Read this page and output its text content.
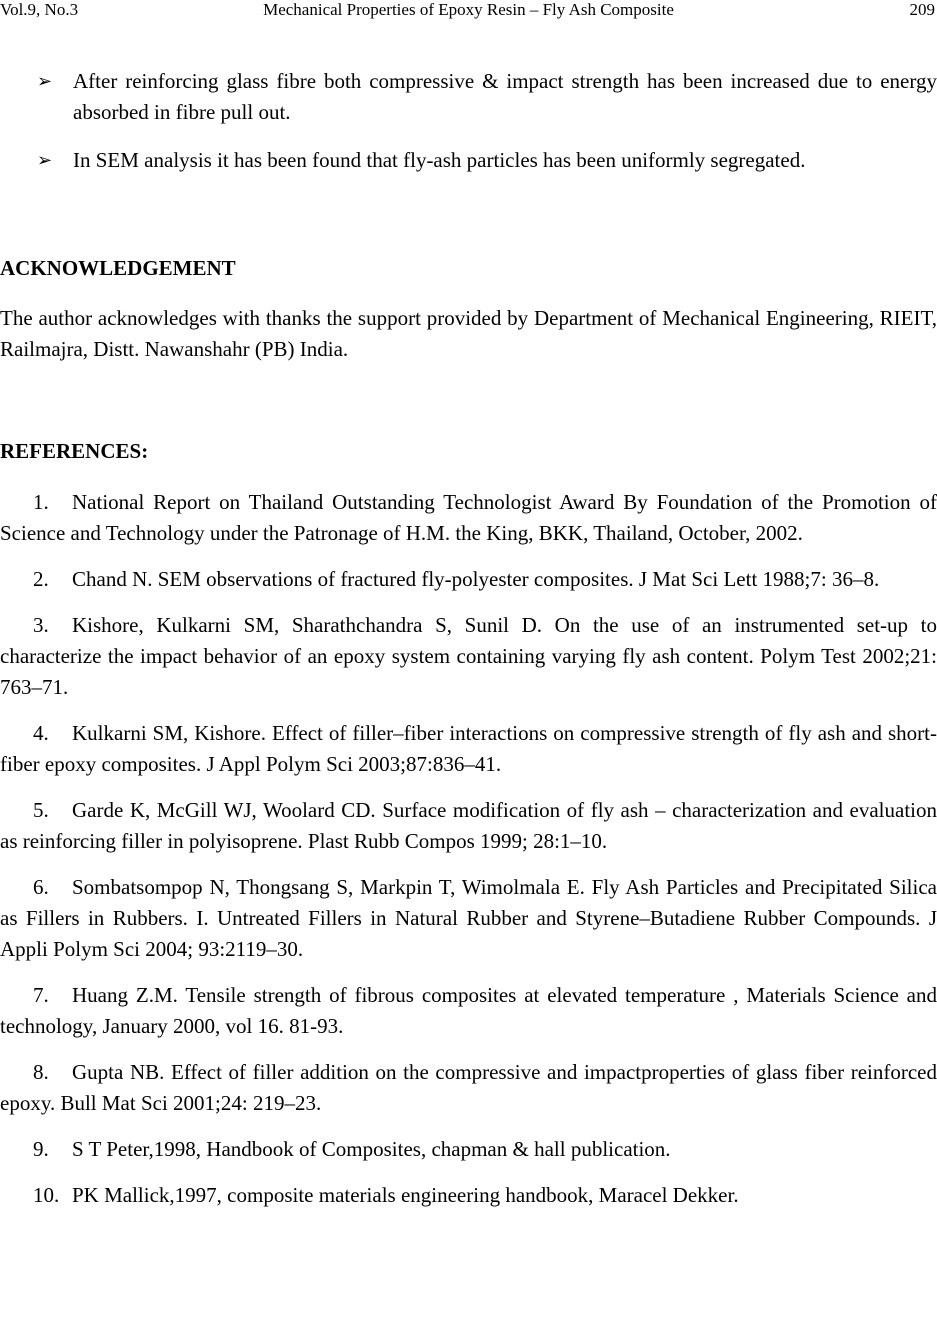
Vol.9, No.3	Mechanical Properties of Epoxy Resin – Fly Ash Composite	209
➢ After reinforcing glass fibre both compressive & impact strength has been increased due to energy absorbed in fibre pull out.
➢ In SEM analysis it has been found that fly-ash particles has been uniformly segregated.
ACKNOWLEDGEMENT
The author acknowledges with thanks the support provided by Department of Mechanical Engineering, RIEIT, Railmajra, Distt. Nawanshahr (PB) India.
REFERENCES:

1. National Report on Thailand Outstanding Technologist Award By Foundation of the Promotion of Science and Technology under the Patronage of H.M. the King, BKK, Thailand, October, 2002.

2. Chand N. SEM observations of fractured fly-polyester composites. J Mat Sci Lett 1988;7: 36–8.

3. Kishore, Kulkarni SM, Sharathchandra S, Sunil D. On the use of an instrumented set-up to characterize the impact behavior of an epoxy system containing varying fly ash content. Polym Test 2002;21: 763–71.

4. Kulkarni SM, Kishore. Effect of filler–fiber interactions on compressive strength of fly ash and short-fiber epoxy composites. J Appl Polym Sci 2003;87:836–41.

5. Garde K, McGill WJ, Woolard CD. Surface modification of fly ash – characterization and evaluation as reinforcing filler in polyisoprene. Plast Rubb Compos 1999; 28:1–10.

6. Sombatsompop N, Thongsang S, Markpin T, Wimolmala E. Fly Ash Particles and Precipitated Silica as Fillers in Rubbers. I. Untreated Fillers in Natural Rubber and Styrene–Butadiene Rubber Compounds. J Appli Polym Sci 2004; 93:2119–30.

7. Huang Z.M. Tensile strength of fibrous composites at elevated temperature , Materials Science and technology, January 2000, vol 16. 81-93.

8. Gupta NB. Effect of filler addition on the compressive and impactproperties of glass fiber reinforced epoxy. Bull Mat Sci 2001;24: 219–23.

9. S T Peter,1998, Handbook of Composites, chapman & hall publication.

10. PK Mallick,1997, composite materials engineering handbook, Maracel Dekker.
